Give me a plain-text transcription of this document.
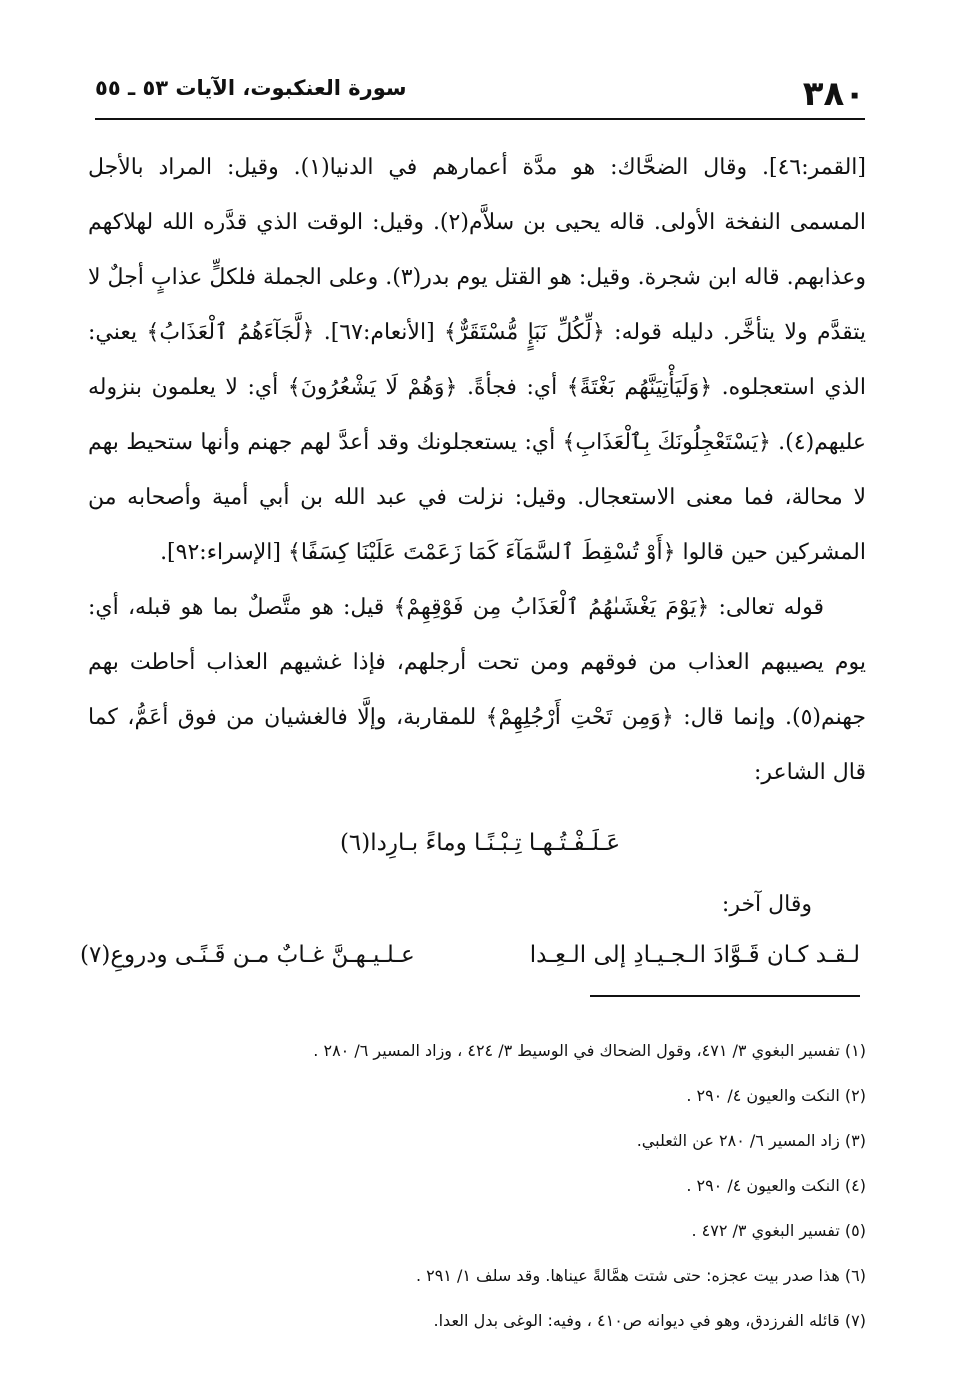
٣٨٠
سورة العنكبوت، الآيات ٥٣ ـ ٥٥

[القمر:٤٦]. وقال الضحَّاك: هو مدَّة أعمارهم في الدنيا(١). وقيل: المراد بالأجل المسمى النفخة الأولى. قاله يحيى بن سلاَّم(٢). وقيل: الوقت الذي قدَّره الله لهلاكهم وعذابهم. قاله ابن شجرة. وقيل: هو القتل يوم بدر(٣). وعلى الجملة فلكلٍّ عذابٍ أجلٌ لا يتقدَّم ولا يتأخَّر. دليله قوله: ﴿لِّكُلِّ نَبَإٍ مُّسْتَقَرٌّ﴾ [الأنعام:٦٧]. ﴿لَّجَآءَهُمُ ٱلْعَذَابُ﴾ يعني: الذي استعجلوه. ﴿وَلَيَأْتِيَنَّهُم بَغْتَةً﴾ أي: فجأةً. ﴿وَهُمْ لَا يَشْعُرُونَ﴾ أي: لا يعلمون بنزوله عليهم(٤). ﴿يَسْتَعْجِلُونَكَ بِٱلْعَذَابِ﴾ أي: يستعجلونك وقد أعدَّ لهم جهنم وأنها ستحيط بهم لا محالة، فما معنى الاستعجال. وقيل: نزلت في عبد الله بن أبي أمية وأصحابه من المشركين حين قالوا ﴿أَوْ تُسْقِطَ ٱلسَّمَآءَ كَمَا زَعَمْتَ عَلَيْنَا كِسَفًا﴾ [الإسراء:٩٢].

قوله تعالى: ﴿يَوْمَ يَغْشَىٰهُمُ ٱلْعَذَابُ مِن فَوْقِهِمْ﴾ قيل: هو متَّصلٌ بما هو قبله، أي: يوم يصيبهم العذاب من فوقهم ومن تحت أرجلهم، فإذا غشيهم العذاب أحاطت بهم جهنم(٥). وإنما قال: ﴿وَمِن تَحْتِ أَرْجُلِهِمْ﴾ للمقاربة، وإلَّا فالغشيان من فوق أعَمُّ، كما قال الشاعر:

عَـلَـفْـتُـهـا تِـبْـنًـا وماءً بـارِدا(٦)
وقال آخر:
لـقـد كـان قَـوَّادَ الـجـيـادِ إلى الـعِـدا
عـلـيـهـنَّ غـابٌ مـن قَـنًـى ودروعِ(٧)
(١) تفسير البغوي ٣/ ٤٧١، وقول الضحاك في الوسيط ٣/ ٤٢٤ ، وزاد المسير ٦/ ٢٨٠ .
(٢) النكت والعيون ٤/ ٢٩٠ .
(٣) زاد المسير ٦/ ٢٨٠ عن الثعلبي.
(٤) النكت والعيون ٤/ ٢٩٠ .
(٥) تفسير البغوي ٣/ ٤٧٢ .
(٦) هذا صدر بيت عجزه: حتى شتت همَّالةً عيناها. وقد سلف ١/ ٢٩١ .
(٧) قائله الفرزدق، وهو في ديوانه ص٤١٠ ، وفيه: الوغى بدل العدا.
